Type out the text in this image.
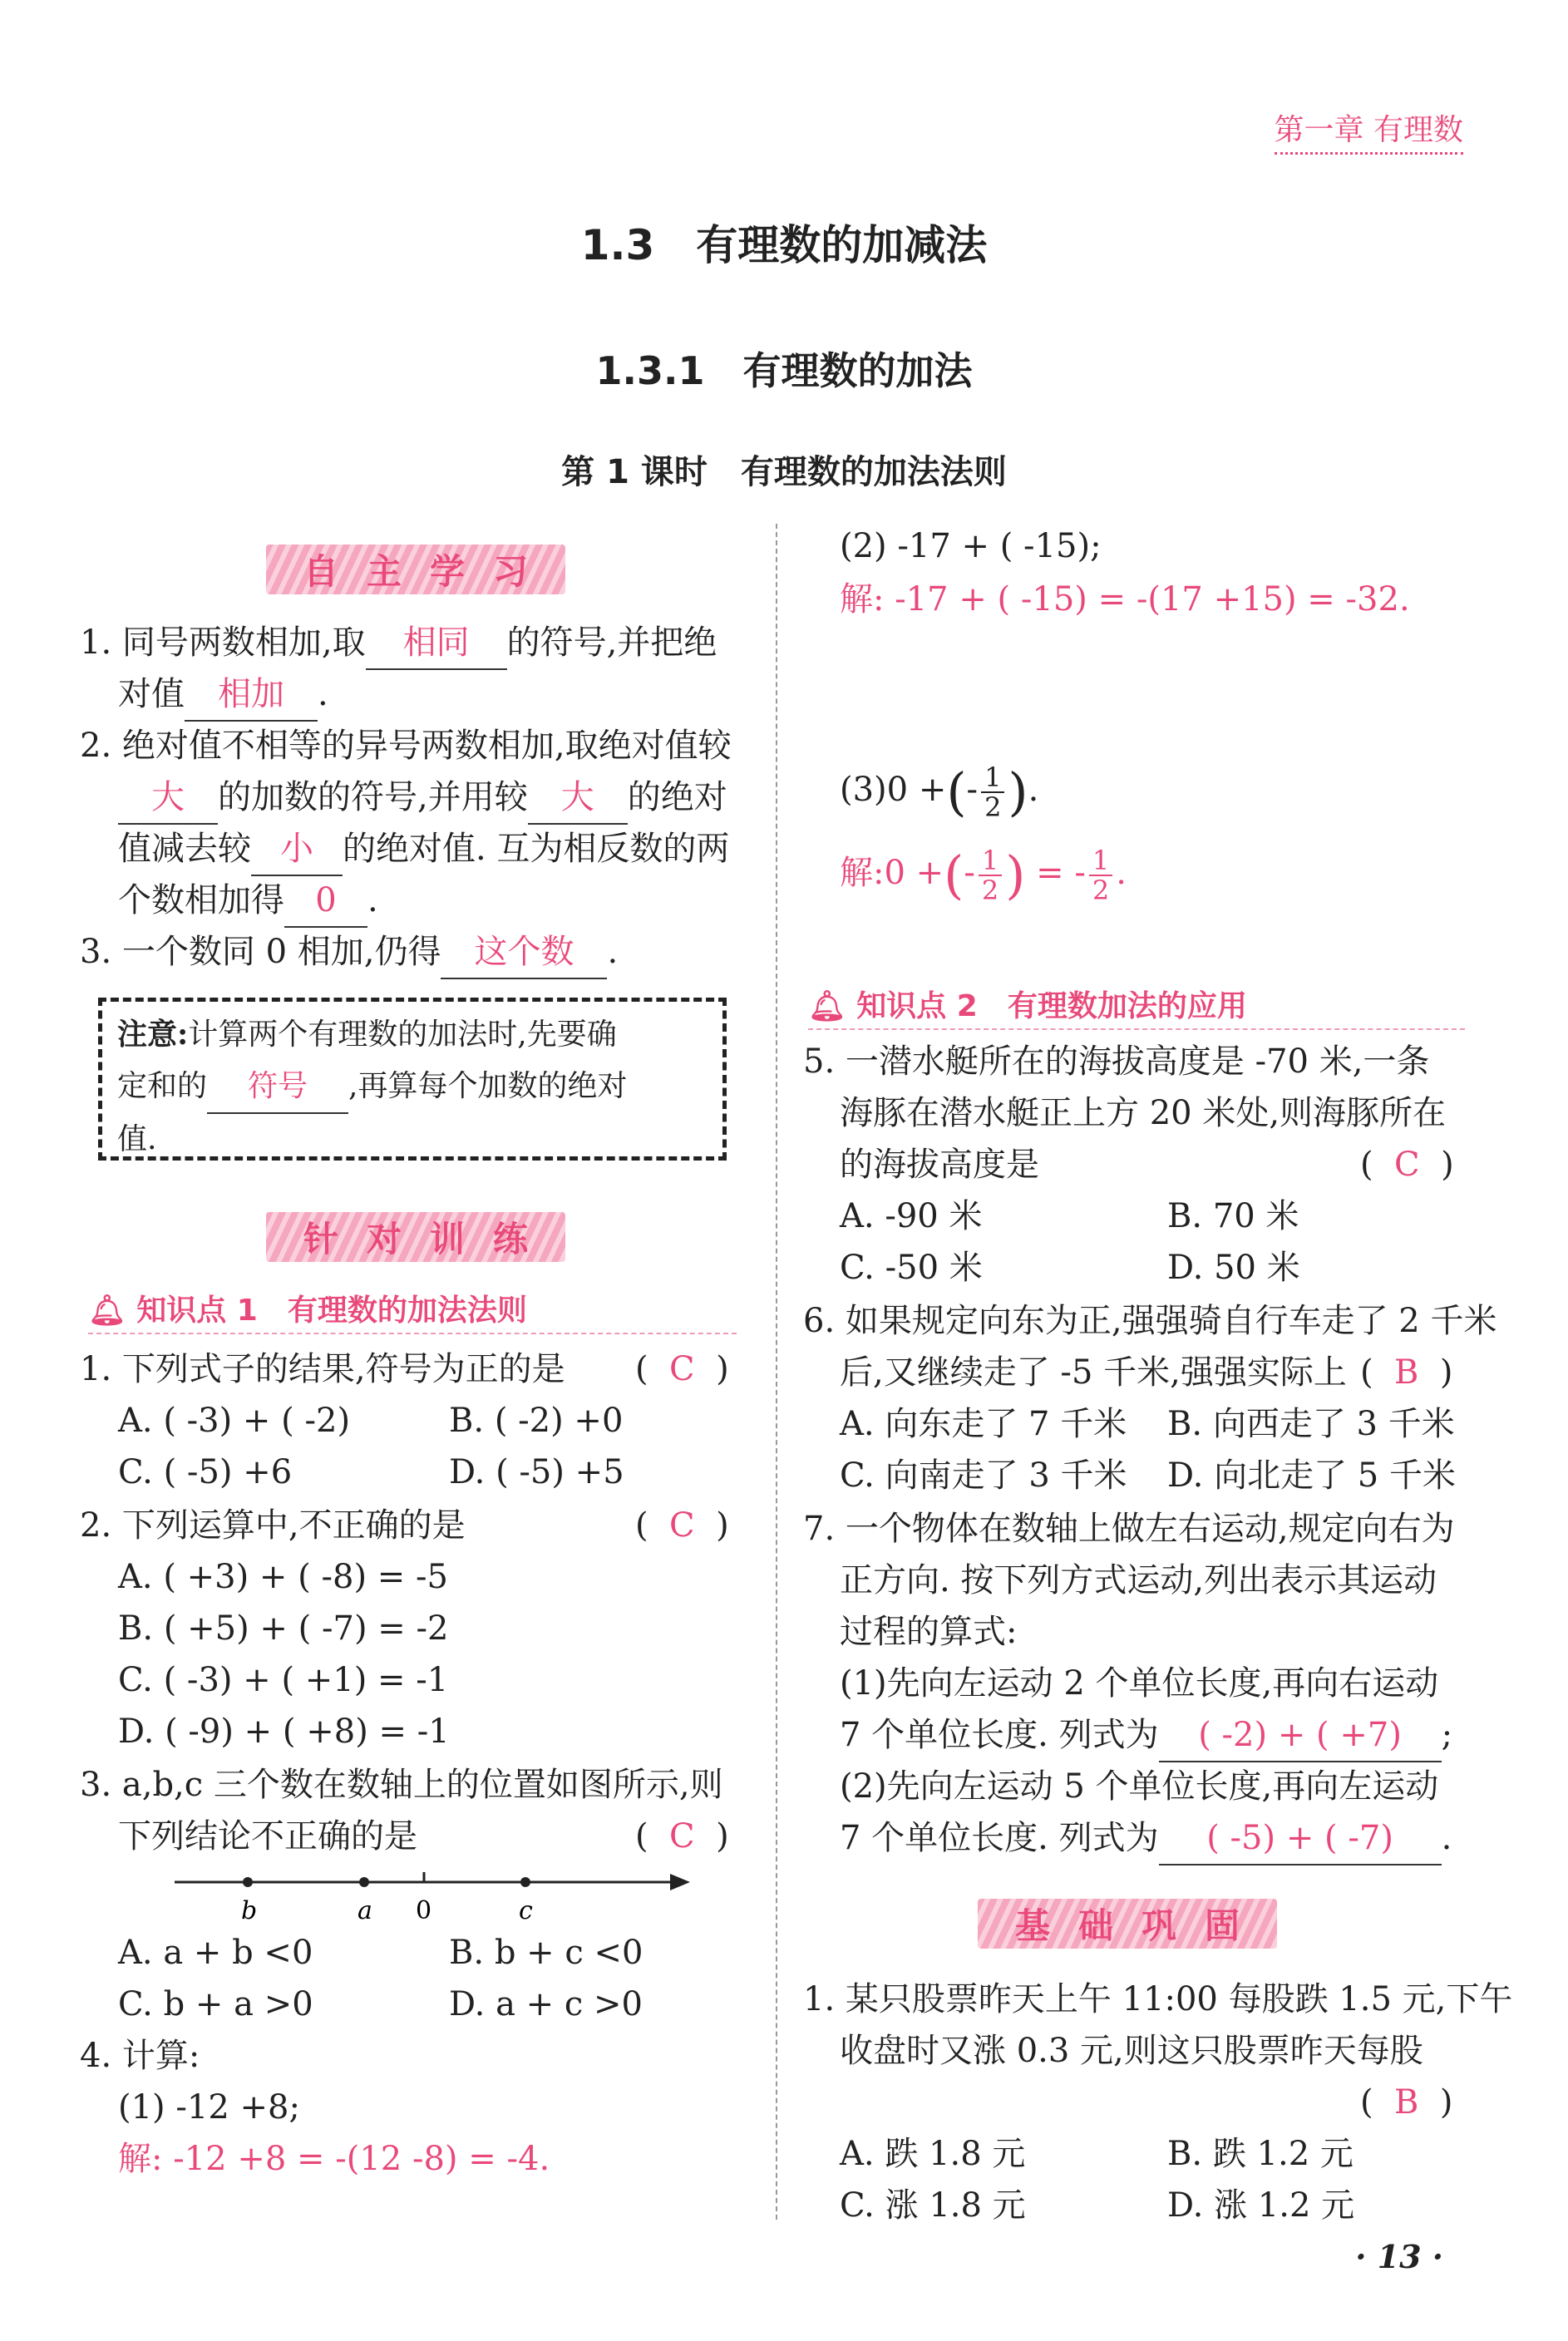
第一章 有理数
1.3　有理数的加减法
1.3.1　有理数的加法
第 1 课时　有理数的加法法则
自主学习
1. 同号两数相加,取 相同 的符号,并把绝
对值 相加 .
2. 绝对值不相等的异号两数相加,取绝对值较
大 的加数的符号,并用较 大 的绝对
值减去较 小 的绝对值. 互为相反数的两
个数相加得 0 .
3. 一个数同 0 相加,仍得 这个数 .
注意:计算两个有理数的加法时,先要确
定和的 符号 ,再算每个加数的绝对
值.
针对训练
🔔︎ 知识点 1　有理数的加法法则
1. 下列式子的结果,符号为正的是 (  C  )
A. ( -3) + ( -2)	B. ( -2) +0
C. ( -5) +6	D. ( -5) +5
2. 下列运算中,不正确的是	(  C  )
A. ( +3) + ( -8) = -5
B. ( +5) + ( -7) = -2
C. ( -3) + ( +1) = -1
D. ( -9) + ( +8) = -1
3. a,b,c 三个数在数轴上的位置如图所示,则
下列结论不正确的是	(  C  )
b	a 0	c
A. a + b <0	B. b + c <0
C. b + a >0	D. a + c >0
4. 计算:
(1) -12 +8;
解: -12 +8 = -(12 -8) = -4.
(2) -17 + ( -15);
解: -17 + ( -15) = -(17 +15) = -32.
(3)0 +(- $\frac{1}{2}$ ).
解:0 +(- $\frac{1}{2}$ ) = - $\frac{1}{2}$ .
🔔︎ 知识点 2　有理数加法的应用
5. 一潜水艇所在的海拔高度是 -70 米,一条
海豚在潜水艇正上方 20 米处,则海豚所在
的海拔高度是	(  C  )
A. -90 米	B. 70 米
C. -50 米	D. 50 米
6. 如果规定向东为正,强强骑自行车走了 2 千米
后,又继续走了 -5 千米,强强实际上 (  B  )
A. 向东走了 7 千米 B. 向西走了 3 千米
C. 向南走了 3 千米 D. 向北走了 5 千米
7. 一个物体在数轴上做左右运动,规定向右为
正方向. 按下列方式运动,列出表示其运动
过程的算式:
(1)先向左运动 2 个单位长度,再向右运动
7 个单位长度. 列式为 ( -2) + ( +7) ;
(2)先向左运动 5 个单位长度,再向左运动
7 个单位长度. 列式为 ( -5) + ( -7) .
基础巩固
1. 某只股票昨天上午 11:00 每股跌 1.5 元,下午
收盘时又涨 0.3 元,则这只股票昨天每股
(  B  )
A. 跌 1.8 元	B. 跌 1.2 元
C. 涨 1.8 元	D. 涨 1.2 元
· 13 ·
